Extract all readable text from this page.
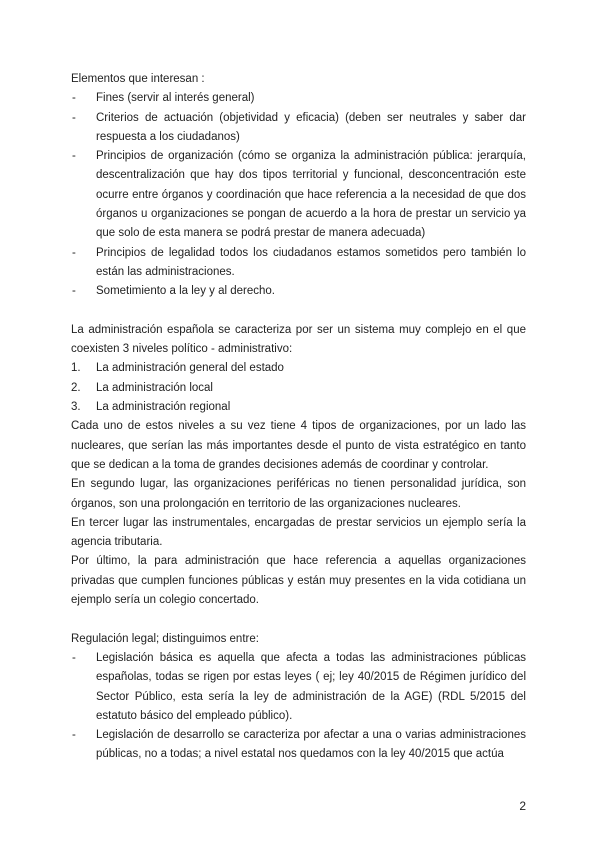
Elementos que interesan :

- Fines (servir al interés general)
- Criterios de actuación (objetividad y eficacia) (deben ser neutrales y saber dar respuesta a los ciudadanos)
- Principios de organización (cómo se organiza la administración pública: jerarquía, descentralización que hay dos tipos territorial y funcional, desconcentración este ocurre entre órganos y coordinación que hace referencia a la necesidad de que dos órganos u organizaciones se pongan de acuerdo a la hora de prestar un servicio ya que solo de esta manera se podrá prestar de manera adecuada)
- Principios de legalidad todos los ciudadanos estamos sometidos pero también lo están las administraciones.
- Sometimiento a la ley y al derecho.

La administración española se caracteriza por ser un sistema muy complejo en el que coexisten 3 niveles político - administrativo:

1. La administración general del estado
2. La administración local
3. La administración regional

Cada uno de estos niveles a su vez tiene 4 tipos de organizaciones, por un lado las nucleares, que serían las más importantes desde el punto de vista estratégico en tanto que se dedican a la toma de grandes decisiones además de coordinar y controlar.

En segundo lugar, las organizaciones periféricas no tienen personalidad jurídica, son órganos, son una prolongación en territorio de las organizaciones nucleares.

En tercer lugar las instrumentales, encargadas de prestar servicios un ejemplo sería la agencia tributaria.

Por último, la para administración que hace referencia a aquellas organizaciones privadas que cumplen funciones públicas y están muy presentes en la vida cotidiana un ejemplo sería un colegio concertado.

Regulación legal; distinguimos entre:

- Legislación básica es aquella que afecta a todas las administraciones públicas españolas, todas se rigen por estas leyes ( ej; ley 40/2015 de Régimen jurídico del Sector Público, esta sería la ley de administración de la AGE) (RDL 5/2015 del estatuto básico del empleado público).
- Legislación de desarrollo se caracteriza por afectar a una o varias administraciones públicas, no a todas; a nivel estatal nos quedamos con la ley 40/2015 que actúa
2
